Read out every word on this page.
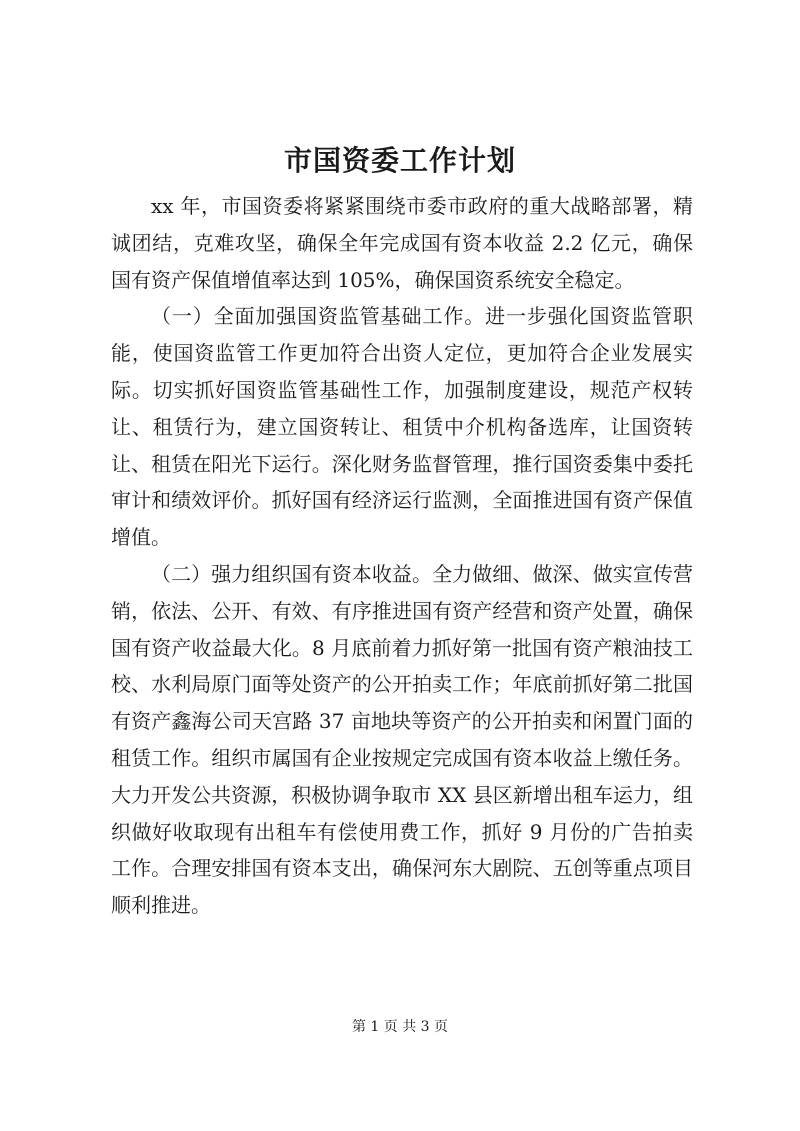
市国资委工作计划

xx 年，市国资委将紧紧围绕市委市政府的重大战略部署，精诚团结，克难攻坚，确保全年完成国有资本收益 2.2 亿元，确保国有资产保值增值率达到 105%，确保国资系统安全稳定。

（一）全面加强国资监管基础工作。进一步强化国资监管职能，使国资监管工作更加符合出资人定位，更加符合企业发展实际。切实抓好国资监管基础性工作，加强制度建设，规范产权转让、租赁行为，建立国资转让、租赁中介机构备选库，让国资转让、租赁在阳光下运行。深化财务监督管理，推行国资委集中委托审计和绩效评价。抓好国有经济运行监测，全面推进国有资产保值增值。

（二）强力组织国有资本收益。全力做细、做深、做实宣传营销，依法、公开、有效、有序推进国有资产经营和资产处置，确保国有资产收益最大化。8 月底前着力抓好第一批国有资产粮油技工校、水利局原门面等处资产的公开拍卖工作；年底前抓好第二批国有资产鑫海公司天宫路 37 亩地块等资产的公开拍卖和闲置门面的租赁工作。组织市属国有企业按规定完成国有资本收益上缴任务。大力开发公共资源，积极协调争取市 XX 县区新增出租车运力，组织做好收取现有出租车有偿使用费工作，抓好 9 月份的广告拍卖工作。合理安排国有资本支出，确保河东大剧院、五创等重点项目顺利推进。

第 1 页 共 3 页
